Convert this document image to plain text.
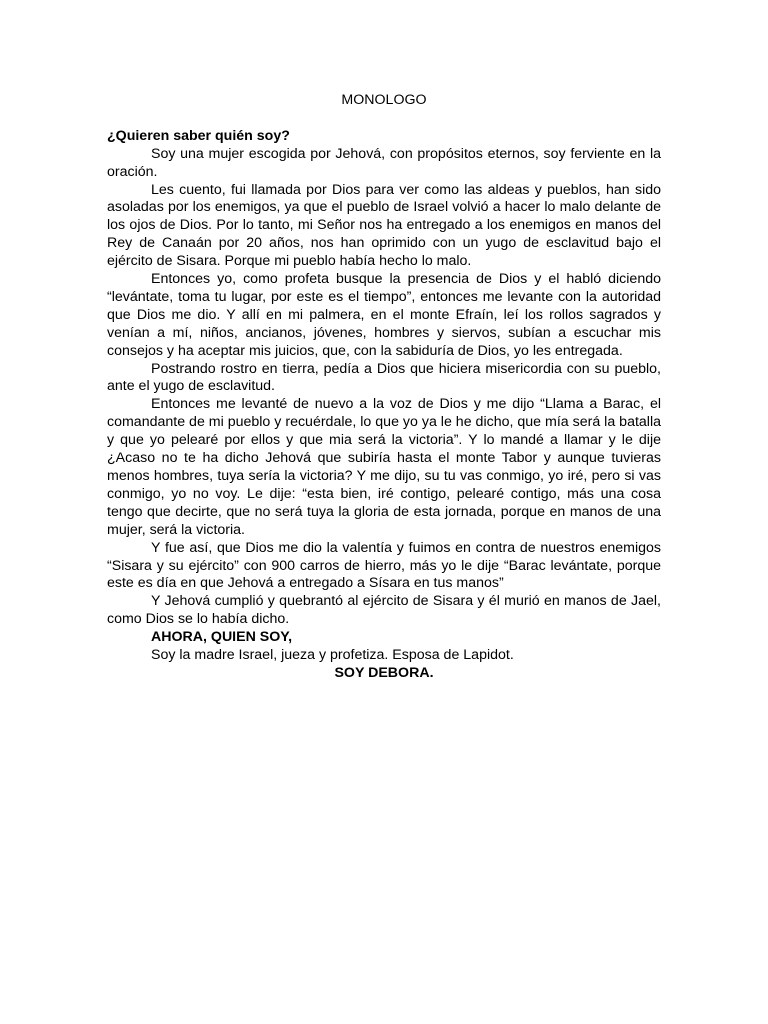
MONOLOGO

¿Quieren saber quién soy?

Soy una mujer escogida por Jehová, con propósitos eternos, soy ferviente en la oración.

Les cuento, fui llamada por Dios para ver como las aldeas y pueblos, han sido asoladas por los enemigos, ya que el pueblo de Israel volvió a hacer lo malo delante de los ojos de Dios. Por lo tanto, mi Señor nos ha entregado a los enemigos en manos del Rey de Canaán por 20 años, nos han oprimido con un yugo de esclavitud bajo el ejército de Sisara. Porque mi pueblo había hecho lo malo.

Entonces yo, como profeta busque la presencia de Dios y el habló diciendo “levántate, toma tu lugar, por este es el tiempo”, entonces me levante con la autoridad que Dios me dio. Y allí en mi palmera, en el monte Efraín, leí los rollos sagrados y venían a mí, niños, ancianos, jóvenes, hombres y siervos, subían a escuchar mis consejos y ha aceptar mis juicios, que, con la sabiduría de Dios, yo les entregada.

Postrando rostro en tierra, pedía a Dios que hiciera misericordia con su pueblo, ante el yugo de esclavitud.

Entonces me levanté de nuevo a la voz de Dios y me dijo “Llama a Barac, el comandante de mi pueblo y recuérdale, lo que yo ya le he dicho, que mía será la batalla y que yo pelearé por ellos y que mia será la victoria”. Y lo mandé a llamar y le dije ¿Acaso no te ha dicho Jehová que subiría hasta el monte Tabor y aunque tuvieras menos hombres, tuya sería la victoria? Y me dijo, su tu vas conmigo, yo iré, pero si vas conmigo, yo no voy. Le dije: “esta bien, iré contigo, pelearé contigo, más una cosa tengo que decirte, que no será tuya la gloria de esta jornada, porque en manos de una mujer, será la victoria.

Y fue así, que Dios me dio la valentía y fuimos en contra de nuestros enemigos “Sisara y su ejército” con 900 carros de hierro, más yo le dije “Barac levántate, porque este es día en que Jehová a entregado a Sísara en tus manos”

Y Jehová cumplió y quebrantó al ejército de Sisara y él murió en manos de Jael, como Dios se lo había dicho.

AHORA, QUIEN SOY,

Soy la madre Israel, jueza y profetiza. Esposa de Lapidot.

SOY DEBORA.
